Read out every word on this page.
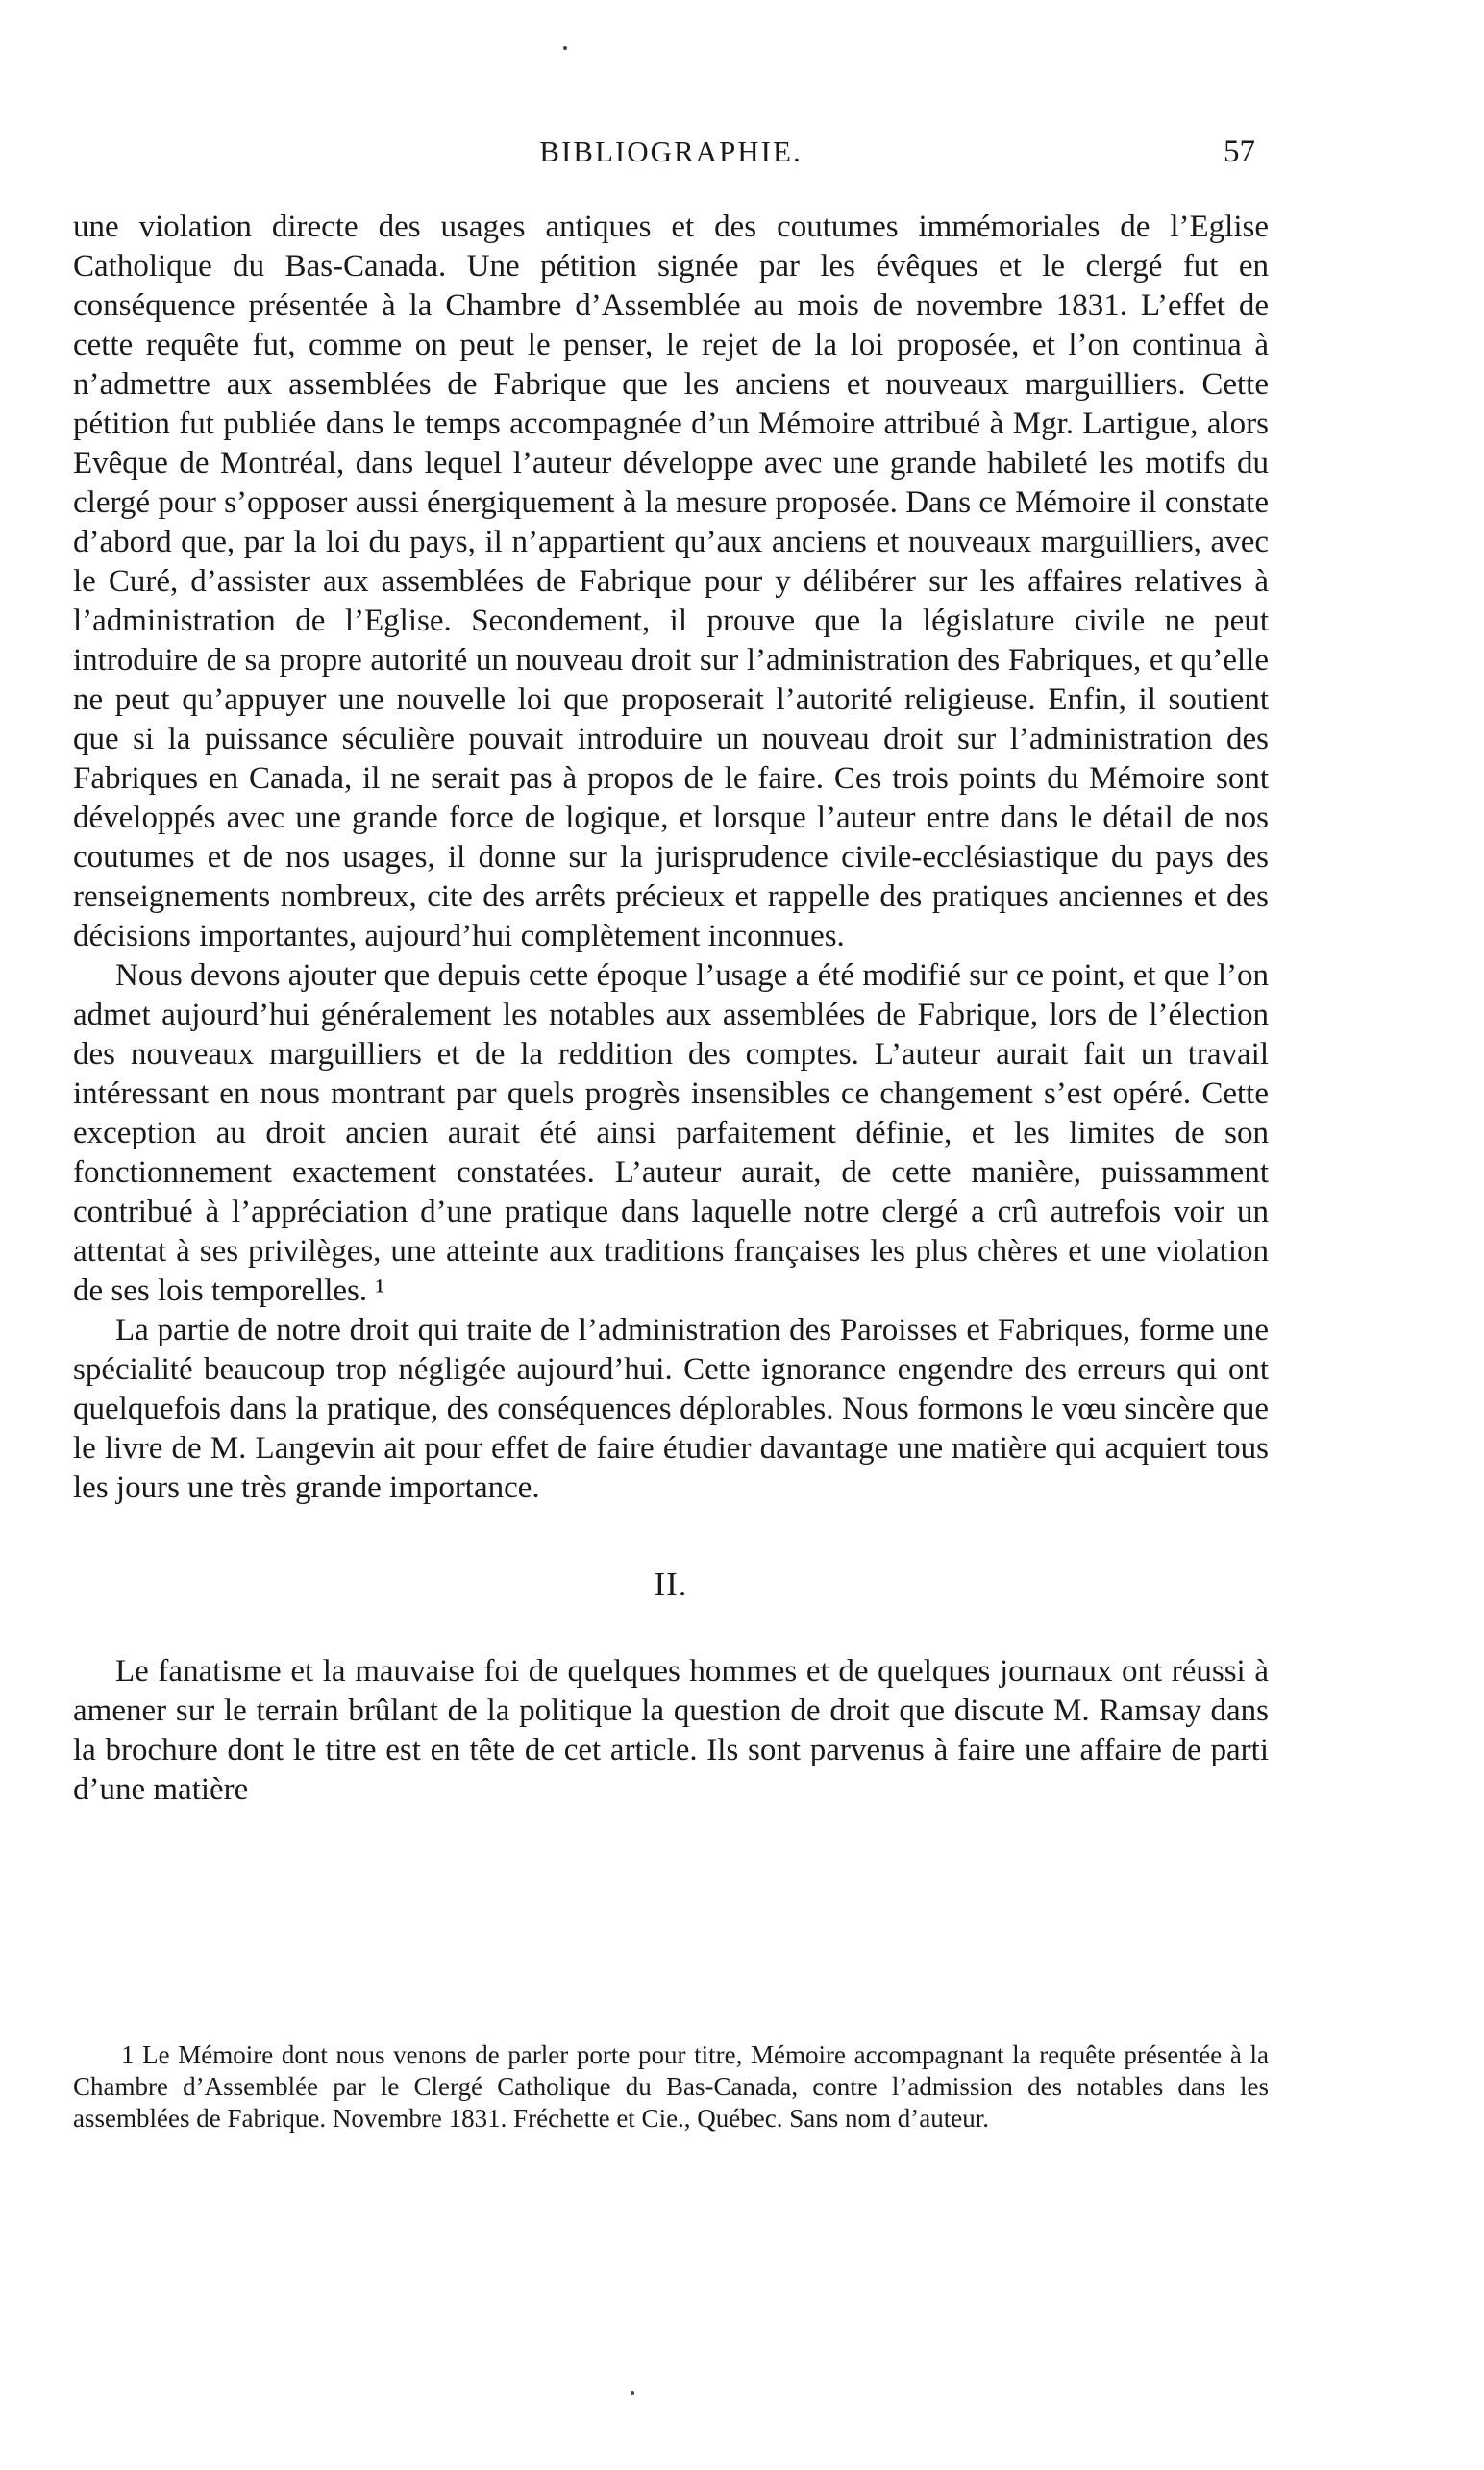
BIBLIOGRAPHIE.	57

une violation directe des usages antiques et des coutumes immémoriales de l’Eglise Catholique du Bas-Canada. Une pétition signée par les évêques et le clergé fut en conséquence présentée à la Chambre d’Assemblée au mois de novembre 1831. L’effet de cette requête fut, comme on peut le penser, le rejet de la loi proposée, et l’on continua à n’admettre aux assemblées de Fabrique que les anciens et nouveaux marguilliers. Cette pétition fut publiée dans le temps accompagnée d’un Mémoire attribué à Mgr. Lartigue, alors Evêque de Montréal, dans lequel l’auteur développe avec une grande habileté les motifs du clergé pour s’opposer aussi énergiquement à la mesure proposée. Dans ce Mémoire il constate d’abord que, par la loi du pays, il n’appartient qu’aux anciens et nouveaux marguilliers, avec le Curé, d’assister aux assemblées de Fabrique pour y délibérer sur les affaires relatives à l’administration de l’Eglise. Secondement, il prouve que la législature civile ne peut introduire de sa propre autorité un nouveau droit sur l’administration des Fabriques, et qu’elle ne peut qu’appuyer une nouvelle loi que proposerait l’autorité religieuse. Enfin, il soutient que si la puissance séculière pouvait introduire un nouveau droit sur l’administration des Fabriques en Canada, il ne serait pas à propos de le faire. Ces trois points du Mémoire sont développés avec une grande force de logique, et lorsque l’auteur entre dans le détail de nos coutumes et de nos usages, il donne sur la jurisprudence civile-ecclésiastique du pays des renseignements nombreux, cite des arrêts précieux et rappelle des pratiques anciennes et des décisions importantes, aujourd’hui complètement inconnues.

Nous devons ajouter que depuis cette époque l’usage a été modifié sur ce point, et que l’on admet aujourd’hui généralement les notables aux assemblées de Fabrique, lors de l’élection des nouveaux marguilliers et de la reddition des comptes. L’auteur aurait fait un travail intéressant en nous montrant par quels progrès insensibles ce changement s’est opéré. Cette exception au droit ancien aurait été ainsi parfaitement définie, et les limites de son fonctionnement exactement constatées. L’auteur aurait, de cette manière, puissamment contribué à l’appréciation d’une pratique dans laquelle notre clergé a crû autrefois voir un attentat à ses privilèges, une atteinte aux traditions françaises les plus chères et une violation de ses lois temporelles. ¹

La partie de notre droit qui traite de l’administration des Paroisses et Fabriques, forme une spécialité beaucoup trop négligée aujourd’hui. Cette ignorance engendre des erreurs qui ont quelquefois dans la pratique, des conséquences déplorables. Nous formons le vœu sincère que le livre de M. Langevin ait pour effet de faire étudier davantage une matière qui acquiert tous les jours une très grande importance.

II.

Le fanatisme et la mauvaise foi de quelques hommes et de quelques journaux ont réussi à amener sur le terrain brûlant de la politique la question de droit que discute M. Ramsay dans la brochure dont le titre est en tête de cet article. Ils sont parvenus à faire une affaire de parti d’une matière

1 Le Mémoire dont nous venons de parler porte pour titre, Mémoire accompagnant la requête présentée à la Chambre d’Assemblée par le Clergé Catholique du Bas-Canada, contre l’admission des notables dans les assemblées de Fabrique. Novembre 1831. Fréchette et Cie., Québec. Sans nom d’auteur.
